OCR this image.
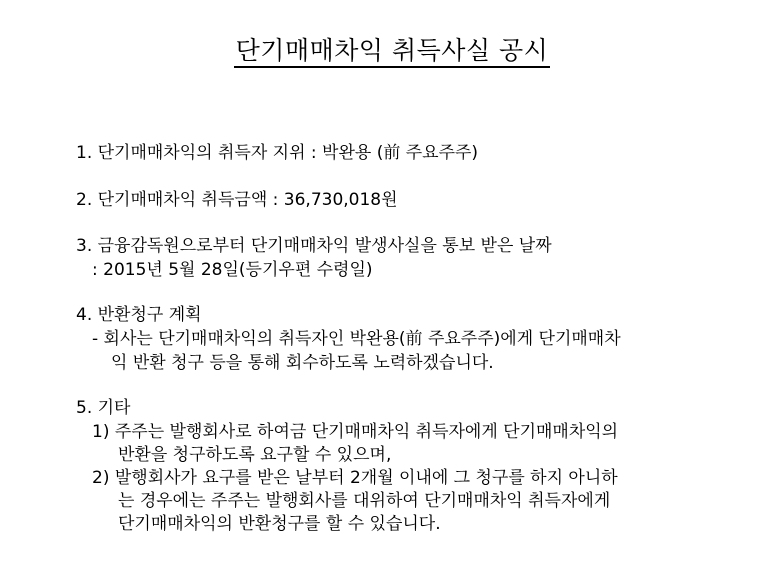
단기매매차익 취득사실 공시
1. 단기매매차익의 취득자 지위 : 박완용 (前 주요주주)
2. 단기매매차익 취득금액 : 36,730,018원
3. 금융감독원으로부터 단기매매차익 발생사실을 통보 받은 날짜
: 2015년 5월 28일(등기우편 수령일)
4. 반환청구 계획
- 회사는 단기매매차익의 취득자인 박완용(前 주요주주)에게 단기매매차
익 반환 청구 등을 통해 회수하도록 노력하겠습니다.
5. 기타
1) 주주는 발행회사로 하여금 단기매매차익 취득자에게 단기매매차익의
반환을 청구하도록 요구할 수 있으며,
2) 발행회사가 요구를 받은 날부터 2개월 이내에 그 청구를 하지 아니하
는 경우에는 주주는 발행회사를 대위하여 단기매매차익 취득자에게
단기매매차익의 반환청구를 할 수 있습니다.
